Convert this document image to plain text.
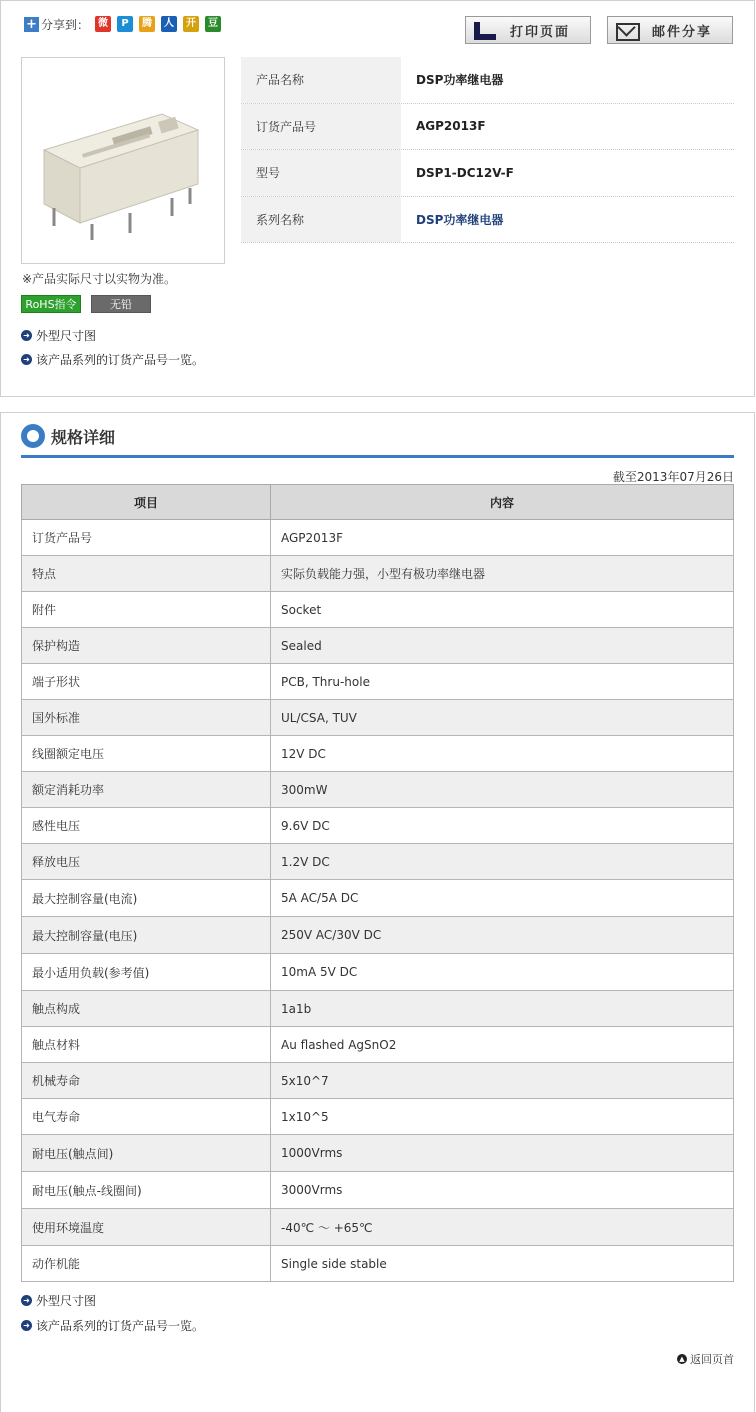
+ 分享到： 微	P	腾	人	开	豆
打印页面	邮件分享
※产品实际尺寸以实物为准。
RoHS指令	无铅
➜ 外型尺寸图
➜ 该产品系列的订货产品号一览。
产品名称	DSP功率继电器
订货产品号	AGP2013F
型号	DSP1-DC12V-F
系列名称	DSP功率继电器
规格详细
截至2013年07月26日
项目	内容
订货产品号	AGP2013F
特点	实际负载能力强，小型有极功率继电器
附件	Socket
保护构造	Sealed
端子形状	PCB, Thru-hole
国外标准	UL/CSA, TUV
线圈额定电压	12V DC
额定消耗功率	300mW
感性电压	9.6V DC
释放电压	1.2V DC
最大控制容量(电流)	5A AC/5A DC
最大控制容量(电压)	250V AC/30V DC
最小适用负载(参考值)	10mA 5V DC
触点构成	1a1b
触点材料	Au flashed AgSnO2
机械寿命	5x10^7
电气寿命	1x10^5
耐电压(触点间)	1000Vrms
耐电压(触点-线圈间)	3000Vrms
使用环境温度	-40℃ ～ +65℃
动作机能	Single side stable
➜ 外型尺寸图
➜ 该产品系列的订货产品号一览。
▲ 返回页首
